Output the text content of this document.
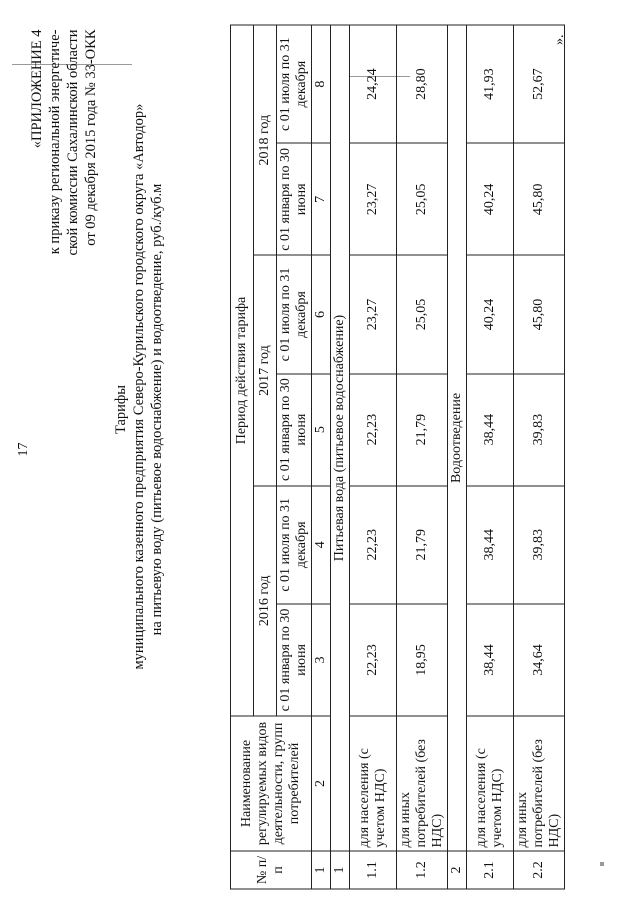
17
«ПРИЛОЖЕНИЕ 4 к приказу региональной энергетиче- ской комиссии Сахалинской области от 09 декабря 2015 года № 33-ОКК
Тарифы муниципального казенного предприятия Северо-Курильского городского округа «Автодор» на питьевую воду (питьевое водоснабжение) и водоотведение, руб./куб.м
№ п/п	Наименование регулируемых видов деятельности, групп потребителей	Период действия тарифа					
		2016 год		2017 год		2018 год	
		с 01 января по 30 июня	с 01 июля по 31 декабря	с 01 января по 30 июня	с 01 июля по 31 декабря	с 01 января по 30 июня	с 01 июля по 31 декабря
1	2	3	4	5	6	7	8
1	Питьевая вода (питьевое водоснабжение)						
1.1	для населения (с учетом НДС)	22,23	22,23	22,23	23,27	23,27	24,24
1.2	для иных потребителей (без НДС)	18,95	21,79	21,79	25,05	25,05	28,80
2	Водоотведение						
2.1	для населения (с учетом НДС)	38,44	38,44	38,44	40,24	40,24	41,93
2.2	для иных потребителей (без НДС)	34,64	39,83	39,83	45,80	45,80	52,67
».
